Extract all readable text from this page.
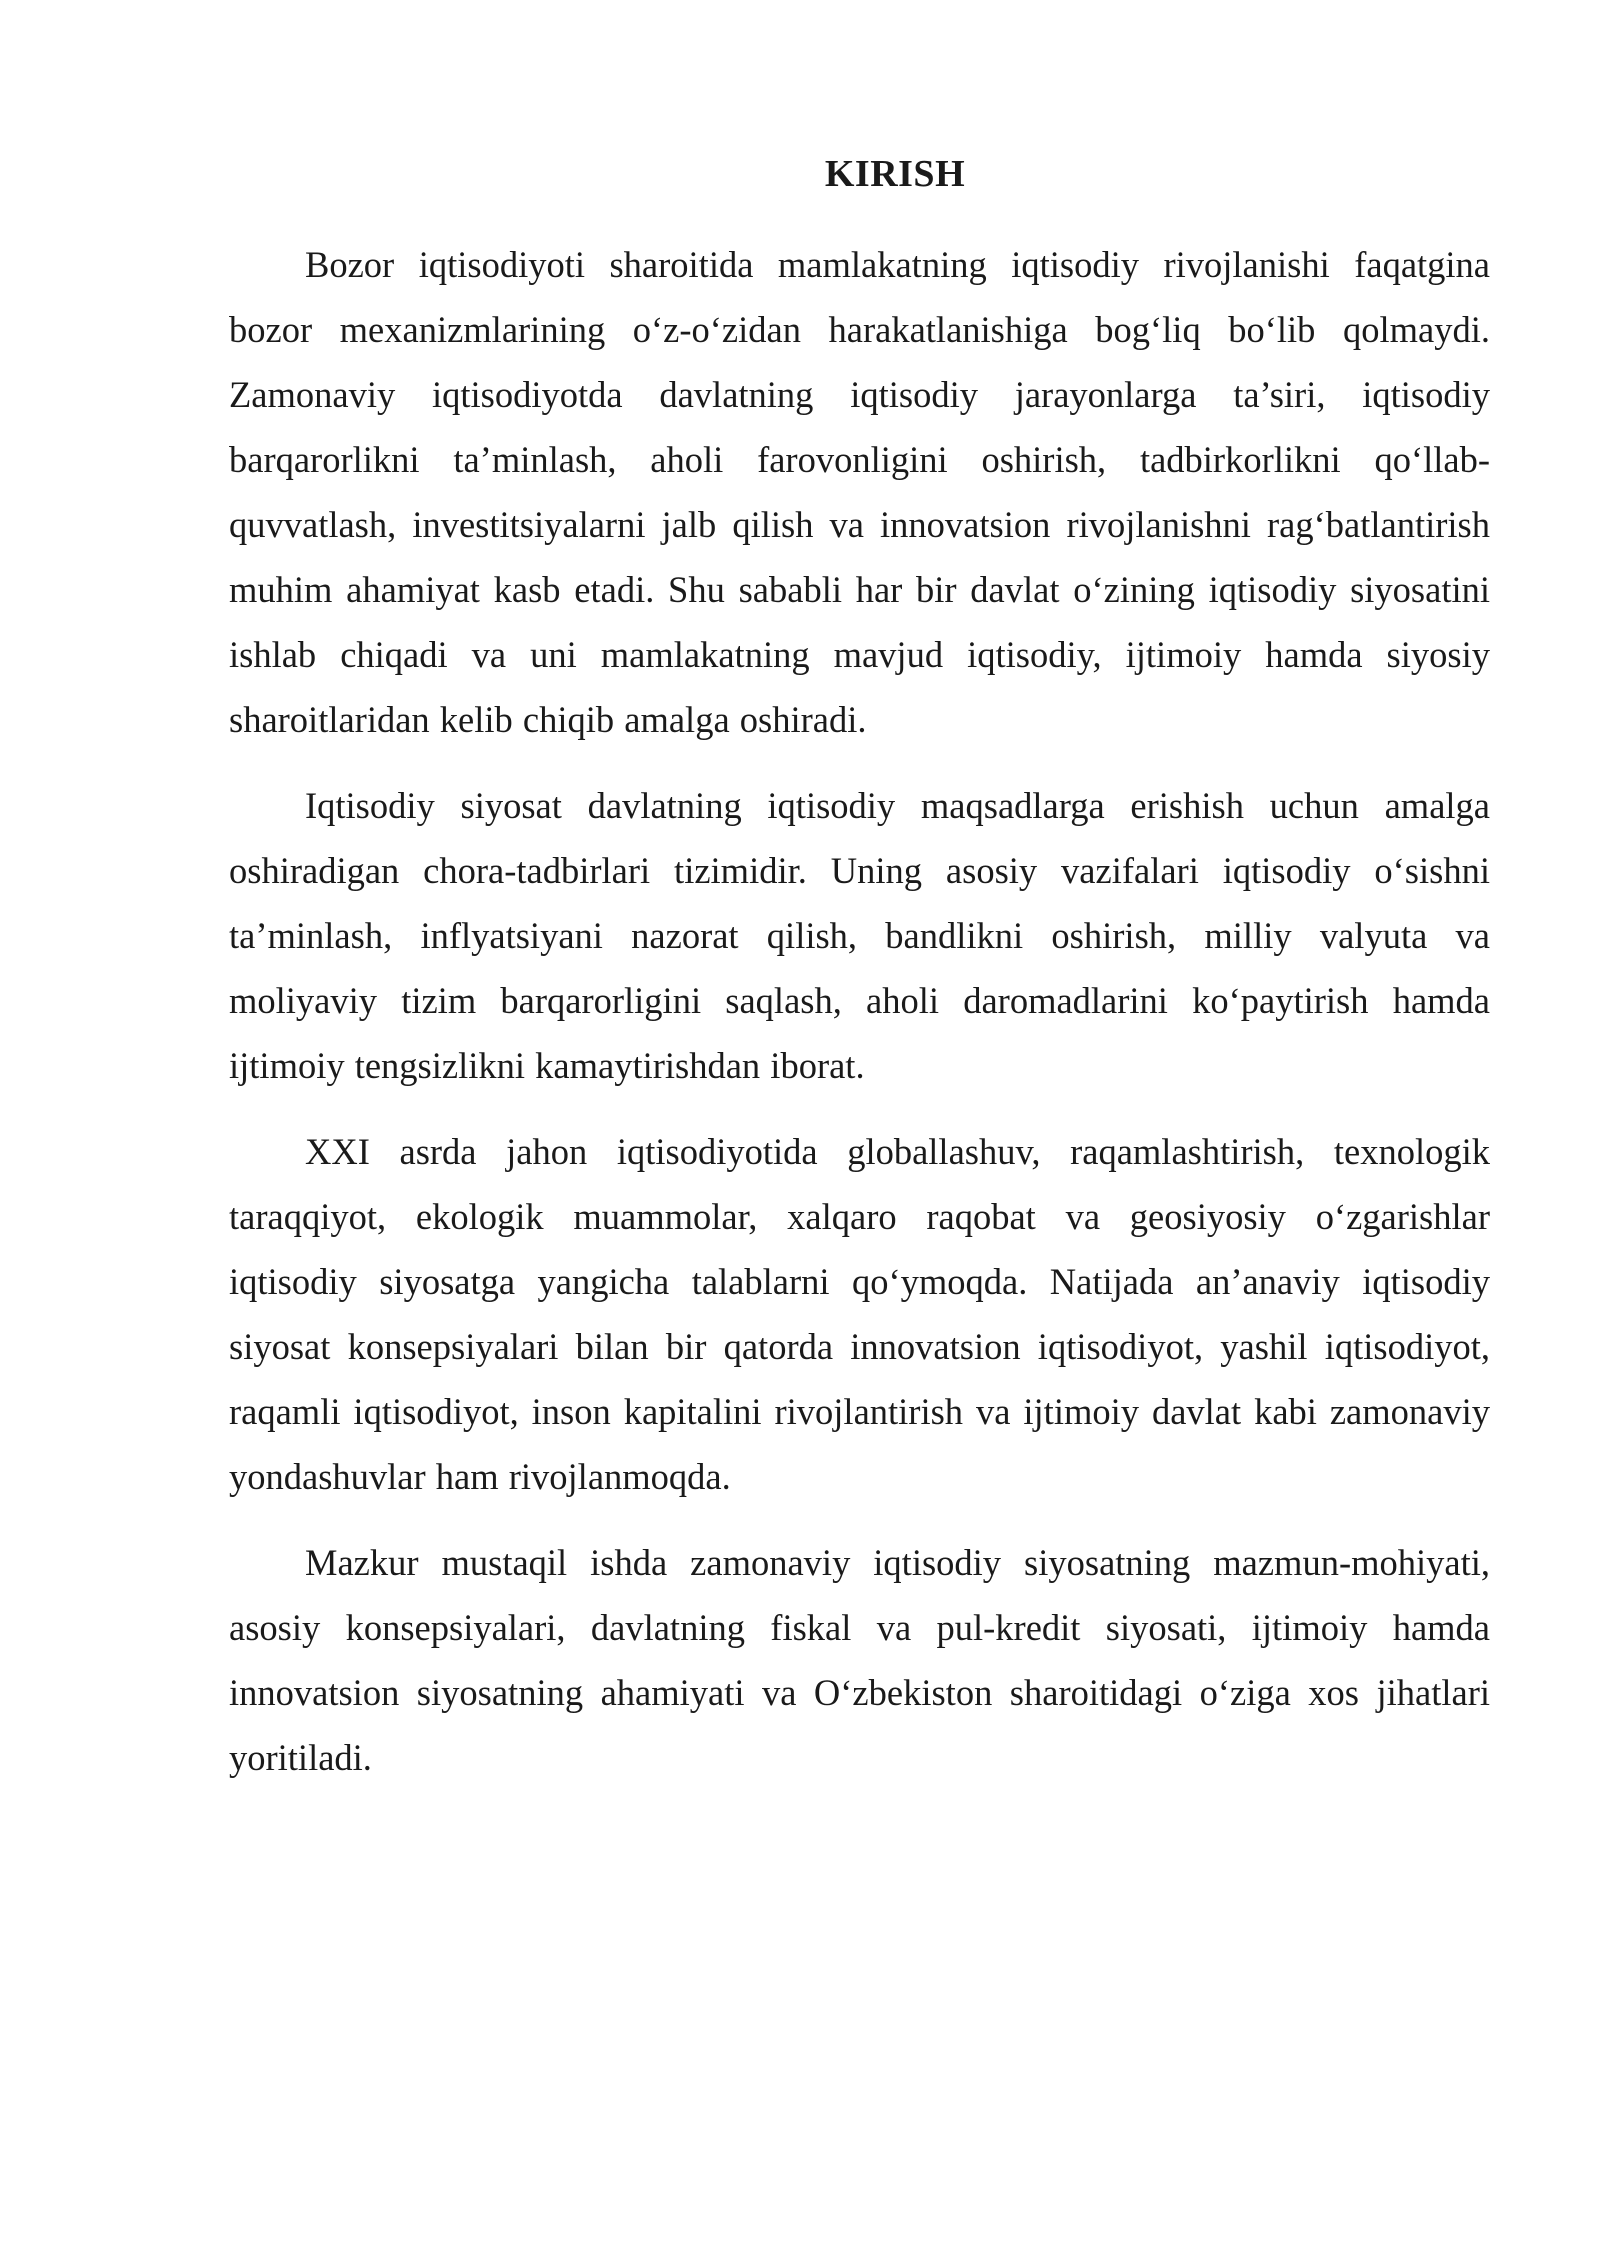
KIRISH

Bozor iqtisodiyoti sharoitida mamlakatning iqtisodiy rivojlanishi faqatgina bozor mexanizmlarining o‘z-o‘zidan harakatlanishiga bog‘liq bo‘lib qolmaydi. Zamonaviy iqtisodiyotda davlatning iqtisodiy jarayonlarga ta’siri, iqtisodiy barqarorlikni ta’minlash, aholi farovonligini oshirish, tadbirkorlikni qo‘llab-quvvatlash, investitsiyalarni jalb qilish va innovatsion rivojlanishni rag‘batlantirish muhim ahamiyat kasb etadi. Shu sababli har bir davlat o‘zining iqtisodiy siyosatini ishlab chiqadi va uni mamlakatning mavjud iqtisodiy, ijtimoiy hamda siyosiy sharoitlaridan kelib chiqib amalga oshiradi.

Iqtisodiy siyosat davlatning iqtisodiy maqsadlarga erishish uchun amalga oshiradigan chora-tadbirlari tizimidir. Uning asosiy vazifalari iqtisodiy o‘sishni ta’minlash, inflyatsiyani nazorat qilish, bandlikni oshirish, milliy valyuta va moliyaviy tizim barqarorligini saqlash, aholi daromadlarini ko‘paytirish hamda ijtimoiy tengsizlikni kamaytirishdan iborat.

XXI asrda jahon iqtisodiyotida globallashuv, raqamlashtirish, texnologik taraqqiyot, ekologik muammolar, xalqaro raqobat va geosiyosiy o‘zgarishlar iqtisodiy siyosatga yangicha talablarni qo‘ymoqda. Natijada an’anaviy iqtisodiy siyosat konsepsiyalari bilan bir qatorda innovatsion iqtisodiyot, yashil iqtisodiyot, raqamli iqtisodiyot, inson kapitalini rivojlantirish va ijtimoiy davlat kabi zamonaviy yondashuvlar ham rivojlanmoqda.

Mazkur mustaqil ishda zamonaviy iqtisodiy siyosatning mazmun-mohiyati, asosiy konsepsiyalari, davlatning fiskal va pul-kredit siyosati, ijtimoiy hamda innovatsion siyosatning ahamiyati va O‘zbekiston sharoitidagi o‘ziga xos jihatlari yoritiladi.
